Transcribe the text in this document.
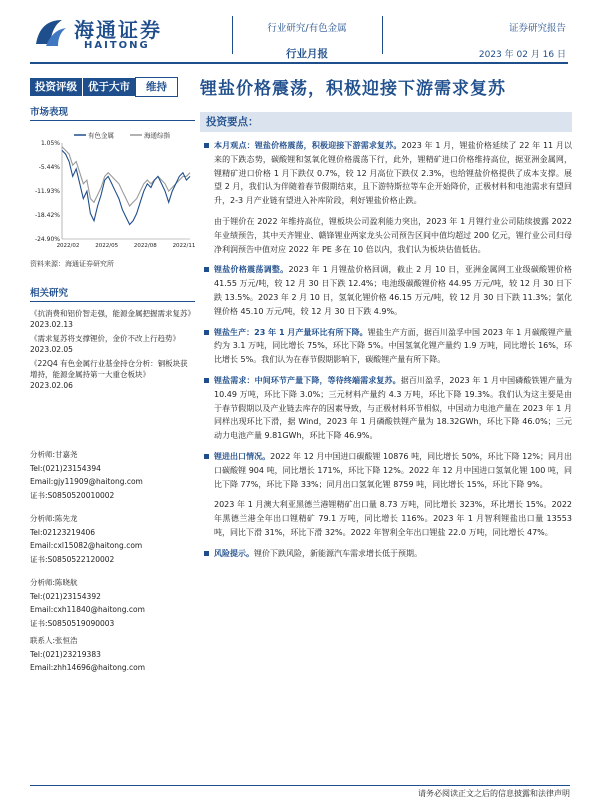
海通证券
HAITONG
行业研究/有色金属
行业月报
证券研究报告
2023 年 02 月 16 日
投资评级	优于大市	维持	锂盐价格震荡，积极迎接下游需求复苏
市场表现
有色金属	海通综指
1.05%
-5.44%
-11.93%
-18.42%
-24.90%
2022/02	2022/05	2022/08	2022/11
资料来源：海通证券研究所
相关研究
《抗消费和铝价智走强，能源金属把握需求复苏》 2023.02.13
《需求复苏将支撑锂价，金价不改上行趋势》 2023.02.05
《22Q4 有色金属行业基金持仓分析：铜板块获增持，能源金属持第一大重仓板块》 2023.02.06
分析师:甘嘉尧
Tel:(021)23154394
Email:gjy11909@haitong.com
证书:S0850520010002
分析师:陈先龙
Tel:02123219406
Email:cxl15082@haitong.com
证书:S0850522120002
分析师:陈晓航
Tel:(021)23154392
Email:cxh11840@haitong.com
证书:S0850519090003
联系人:张恒浩
Tel:(021)23219383
Email:zhh14696@haitong.com
投资要点：
本月观点：锂盐价格震荡，积极迎接下游需求复苏。2023 年 1 月，锂盐价格延续了 22 年 11 月以来的下跌态势，碳酸锂和氢氧化锂价格震荡下行，此外，锂精矿进口价格维持高位，据亚洲金属网，锂精矿进口价格 1 月下跌仅 0.7%，较 12 月高位下跌仅 2.3%，也给锂盐价格提供了成本支撑。展望 2 月，我们认为伴随着春节假期结束，且下游特斯拉等车企开始降价，正极材料和电池需求有望回升，2-3 月产业链有望进入补库阶段，利好锂盐价格止跌。
由于锂价在 2022 年维持高位，锂板块公司盈利能力突出，2023 年 1 月锂行业公司陆续披露 2022 年业绩预告，其中天齐锂业、赣锋锂业两家龙头公司预告区间中值均超过 200 亿元，锂行业公司归母净利润预告中值对应 2022 年 PE 多在 10 倍以内，我们认为板块估值低估。
锂盐价格震荡调整。2023 年 1 月锂盐价格回调，截止 2 月 10 日，亚洲金属网工业级碳酸锂价格 41.55 万元/吨，较 12 月 30 日下跌 12.4%；电池级碳酸锂价格 44.95 万元/吨，较 12 月 30 日下跌 13.5%。2023 年 2 月 10 日，氢氧化锂价格 46.15 万元/吨，较 12 月 30 日下跌 11.3%；氯化锂价格 45.10 万元/吨，较 12 月 30 日下跌 4.9%。
锂盐生产：23 年 1 月产量环比有所下降。锂盐生产方面，据百川盈孚中国 2023 年 1 月碳酸锂产量约为 3.1 万吨，同比增长 75%，环比下降 5%。中国氢氧化锂产量约 1.9 万吨，同比增长 16%，环比增长 5%。我们认为在春节假期影响下，碳酸锂产量有所下降。
锂盐需求：中间环节产量下降，等待终端需求复苏。据百川盈孚，2023 年 1 月中国磷酸铁锂产量为 10.49 万吨，环比下降 3.0%；三元材料产量约 4.3 万吨，环比下降 19.3%。我们认为这主要是由于春节假期以及产业链去库存的因素导致，与正极材料环节相似，中国动力电池产量在 2023 年 1 月同样出现环比下滑，据 Wind，2023 年 1 月磷酸铁锂产量为 18.32GWh，环比下降 46.0%；三元动力电池产量 9.81GWh，环比下降 46.9%。
锂进出口情况。2022 年 12 月中国进口碳酸锂 10876 吨，同比增长 50%，环比下降 12%；同月出口碳酸锂 904 吨，同比增长 171%，环比下降 12%。2022 年 12 月中国进口氢氧化锂 100 吨，同比下降 77%，环比下降 33%；同月出口氢氧化锂 8759 吨，同比增长 15%，环比下降 9%。
2023 年 1 月澳大利亚黑德兰港锂精矿出口量 8.73 万吨，同比增长 323%，环比增长 15%。2022 年黑德兰港全年出口锂精矿 79.1 万吨，同比增长 116%。2023 年 1 月智利锂盐出口量 13553 吨，同比下滑 31%，环比下滑 32%。2022 年智利全年出口锂盐 22.0 万吨，同比增长 47%。
风险提示。锂价下跌风险，新能源汽车需求增长低于预期。
请务必阅读正文之后的信息披露和法律声明
